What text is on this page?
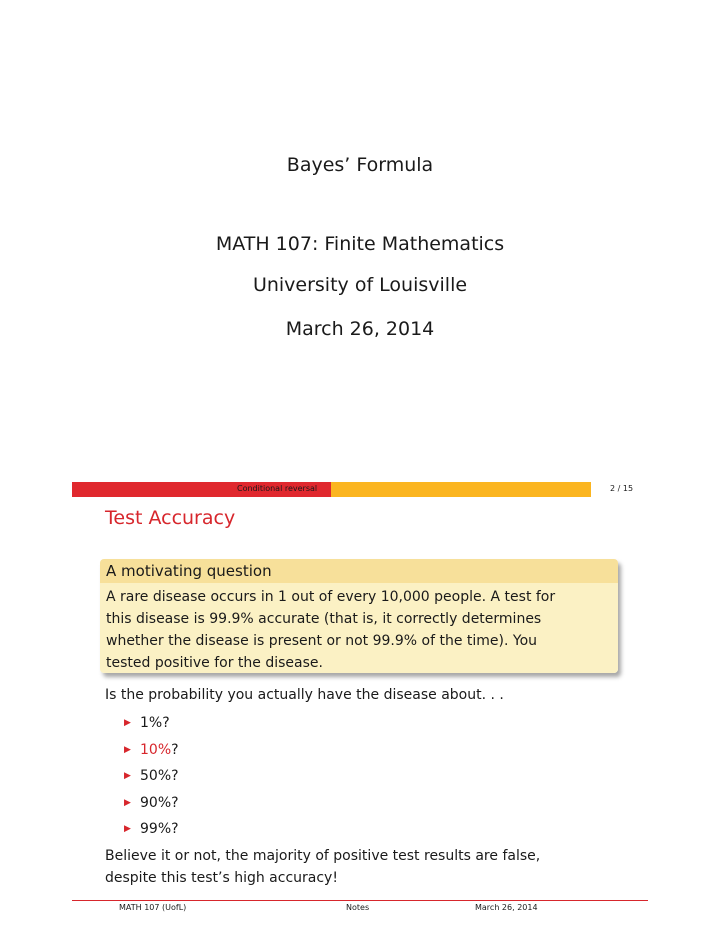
Bayes’ Formula
MATH 107: Finite Mathematics
University of Louisville
March 26, 2014
Conditional reversal	2 / 15
Test Accuracy
A motivating question
A rare disease occurs in 1 out of every 10,000 people. A test for
this disease is 99.9% accurate (that is, it correctly determines
whether the disease is present or not 99.9% of the time). You
tested positive for the disease.
Is the probability you actually have the disease about. . .
▶ 1%?
▶ 10%?
▶ 50%?
▶ 90%?
▶ 99%?
Believe it or not, the majority of positive test results are false,
despite this test’s high accuracy!
MATH 107 (UofL)	Notes	March 26, 2014
